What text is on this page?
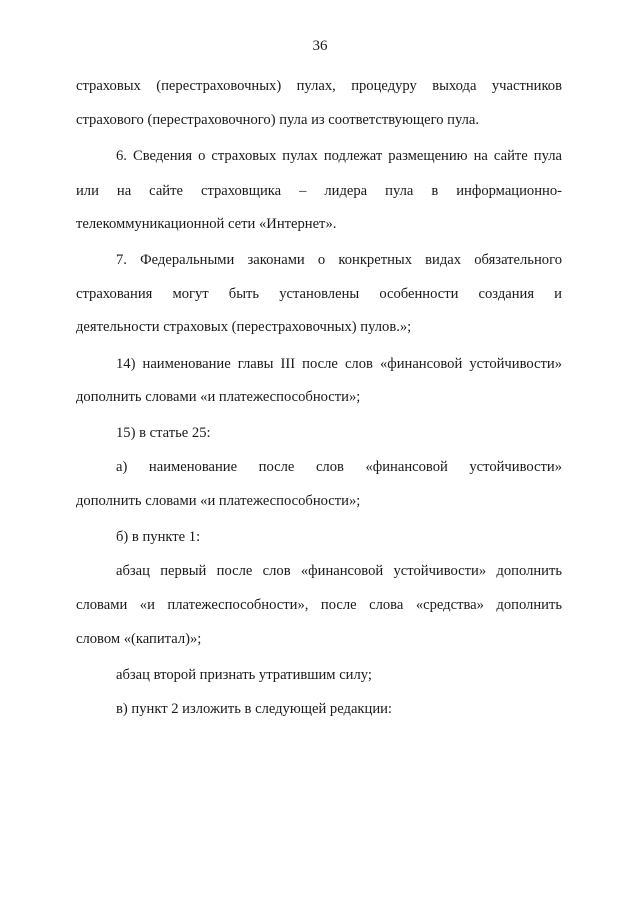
36
страховых (перестраховочных) пулах, процедуру выхода участников
страхового (перестраховочного) пула из соответствующего пула.
6. Сведения о страховых пулах подлежат размещению на сайте пула
или на сайте страховщика – лидера пула в информационно-
телекоммуникационной сети «Интернет».
7. Федеральными законами о конкретных видах обязательного
страхования могут быть установлены особенности создания и
деятельности страховых (перестраховочных) пулов.»;
14) наименование главы III после слов «финансовой устойчивости»
дополнить словами «и платежеспособности»;
15) в статье 25:
а) наименование после слов «финансовой устойчивости»
дополнить словами «и платежеспособности»;
б) в пункте 1:
абзац первый после слов «финансовой устойчивости» дополнить
словами «и платежеспособности», после слова «средства» дополнить
словом «(капитал)»;
абзац второй признать утратившим силу;
в) пункт 2 изложить в следующей редакции:
